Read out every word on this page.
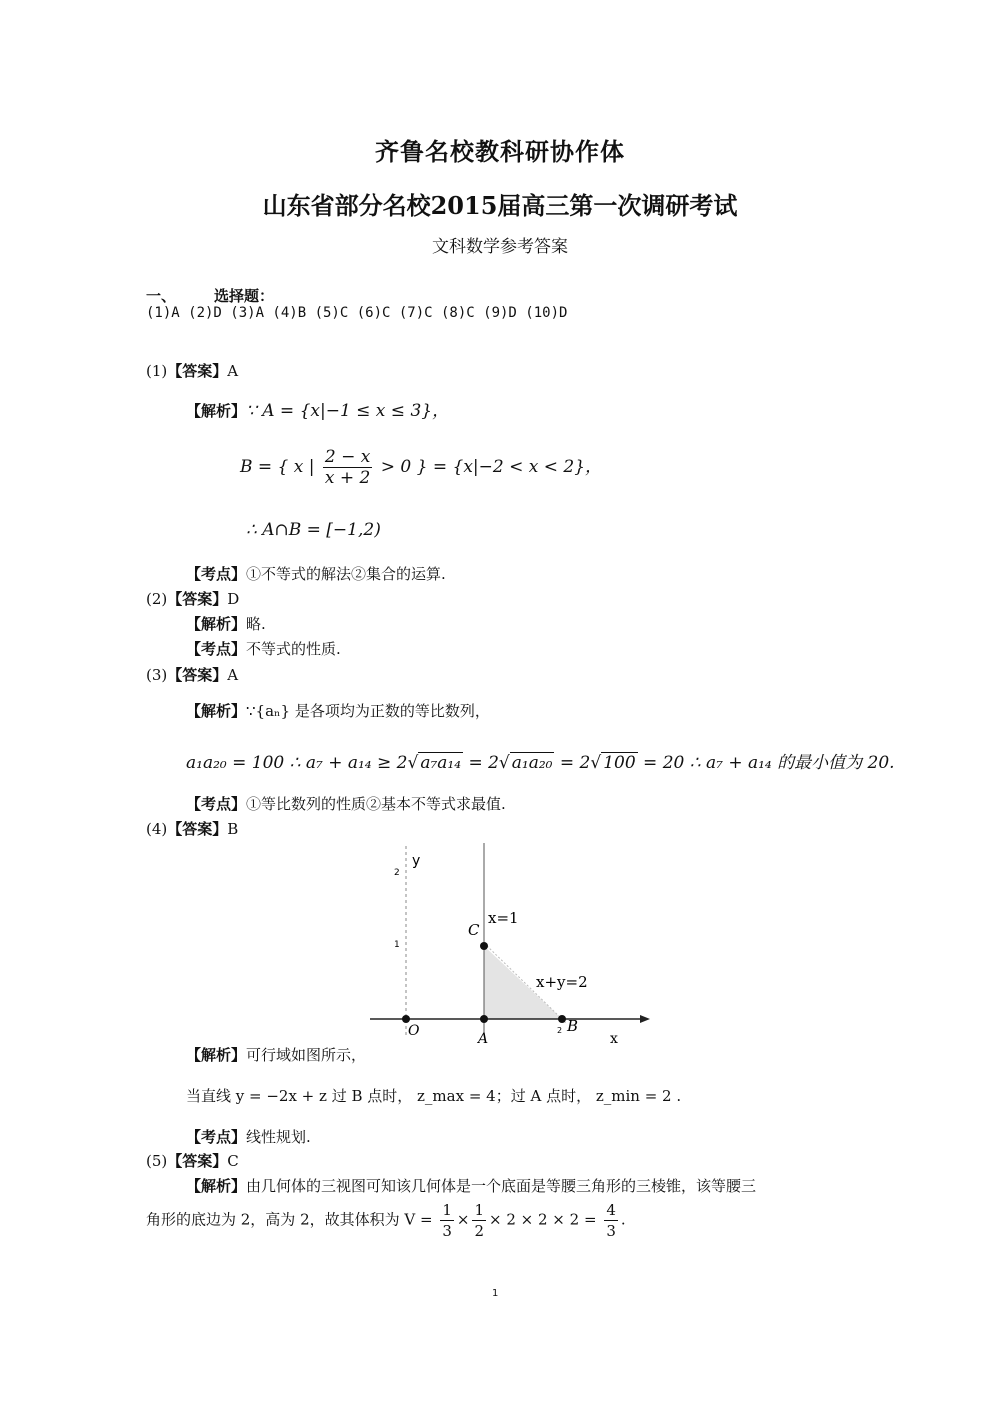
齐鲁名校教科研协作体
山东省部分名校2015届高三第一次调研考试
文科数学参考答案
一、	选择题：
(1)A (2)D (3)A (4)B (5)C (6)C (7)C (8)C (9)D (10)D
(1)【答案】A
【解析】∵ A = {x|−1 ≤ x ≤ 3}，
B = { x | $\frac{2 - x}{x + 2} > 0$ } = {x|−2 < x < 2}，
∴ A∩B = [−1,2)
【考点】①不等式的解法②集合的运算.
(2)【答案】D
【解析】略.
【考点】不等式的性质.
(3)【答案】A
【解析】∵{aₙ} 是各项均为正数的等比数列，
a₁a₂₀ = 100 ∴ a₇ + a₁₄ ≥ 2√ a₇a₁₄ = 2√ a₁a₂₀ = 2√ 100 = 20 ∴ a₇ + a₁₄ 的最小值为 20.
【考点】①等比数列的性质②基本不等式求最值.
(4)【答案】B
y
2
1
C
x=1
x+y=2
O	A
2 B
x
【解析】可行域如图所示，
当直线 y = −2x + z 过 B 点时， z_max = 4；过 A 点时， z_min = 2 .
【考点】线性规划.
(5)【答案】C
【解析】由几何体的三视图可知该几何体是一个底面是等腰三角形的三棱锥，该等腰三
角形的底边为 2，高为 2，故其体积为 $V = \frac{1}{3} \times \frac{1}{2} \times 2 \times 2 \times 2 = \frac{4}{3}$ .
1
